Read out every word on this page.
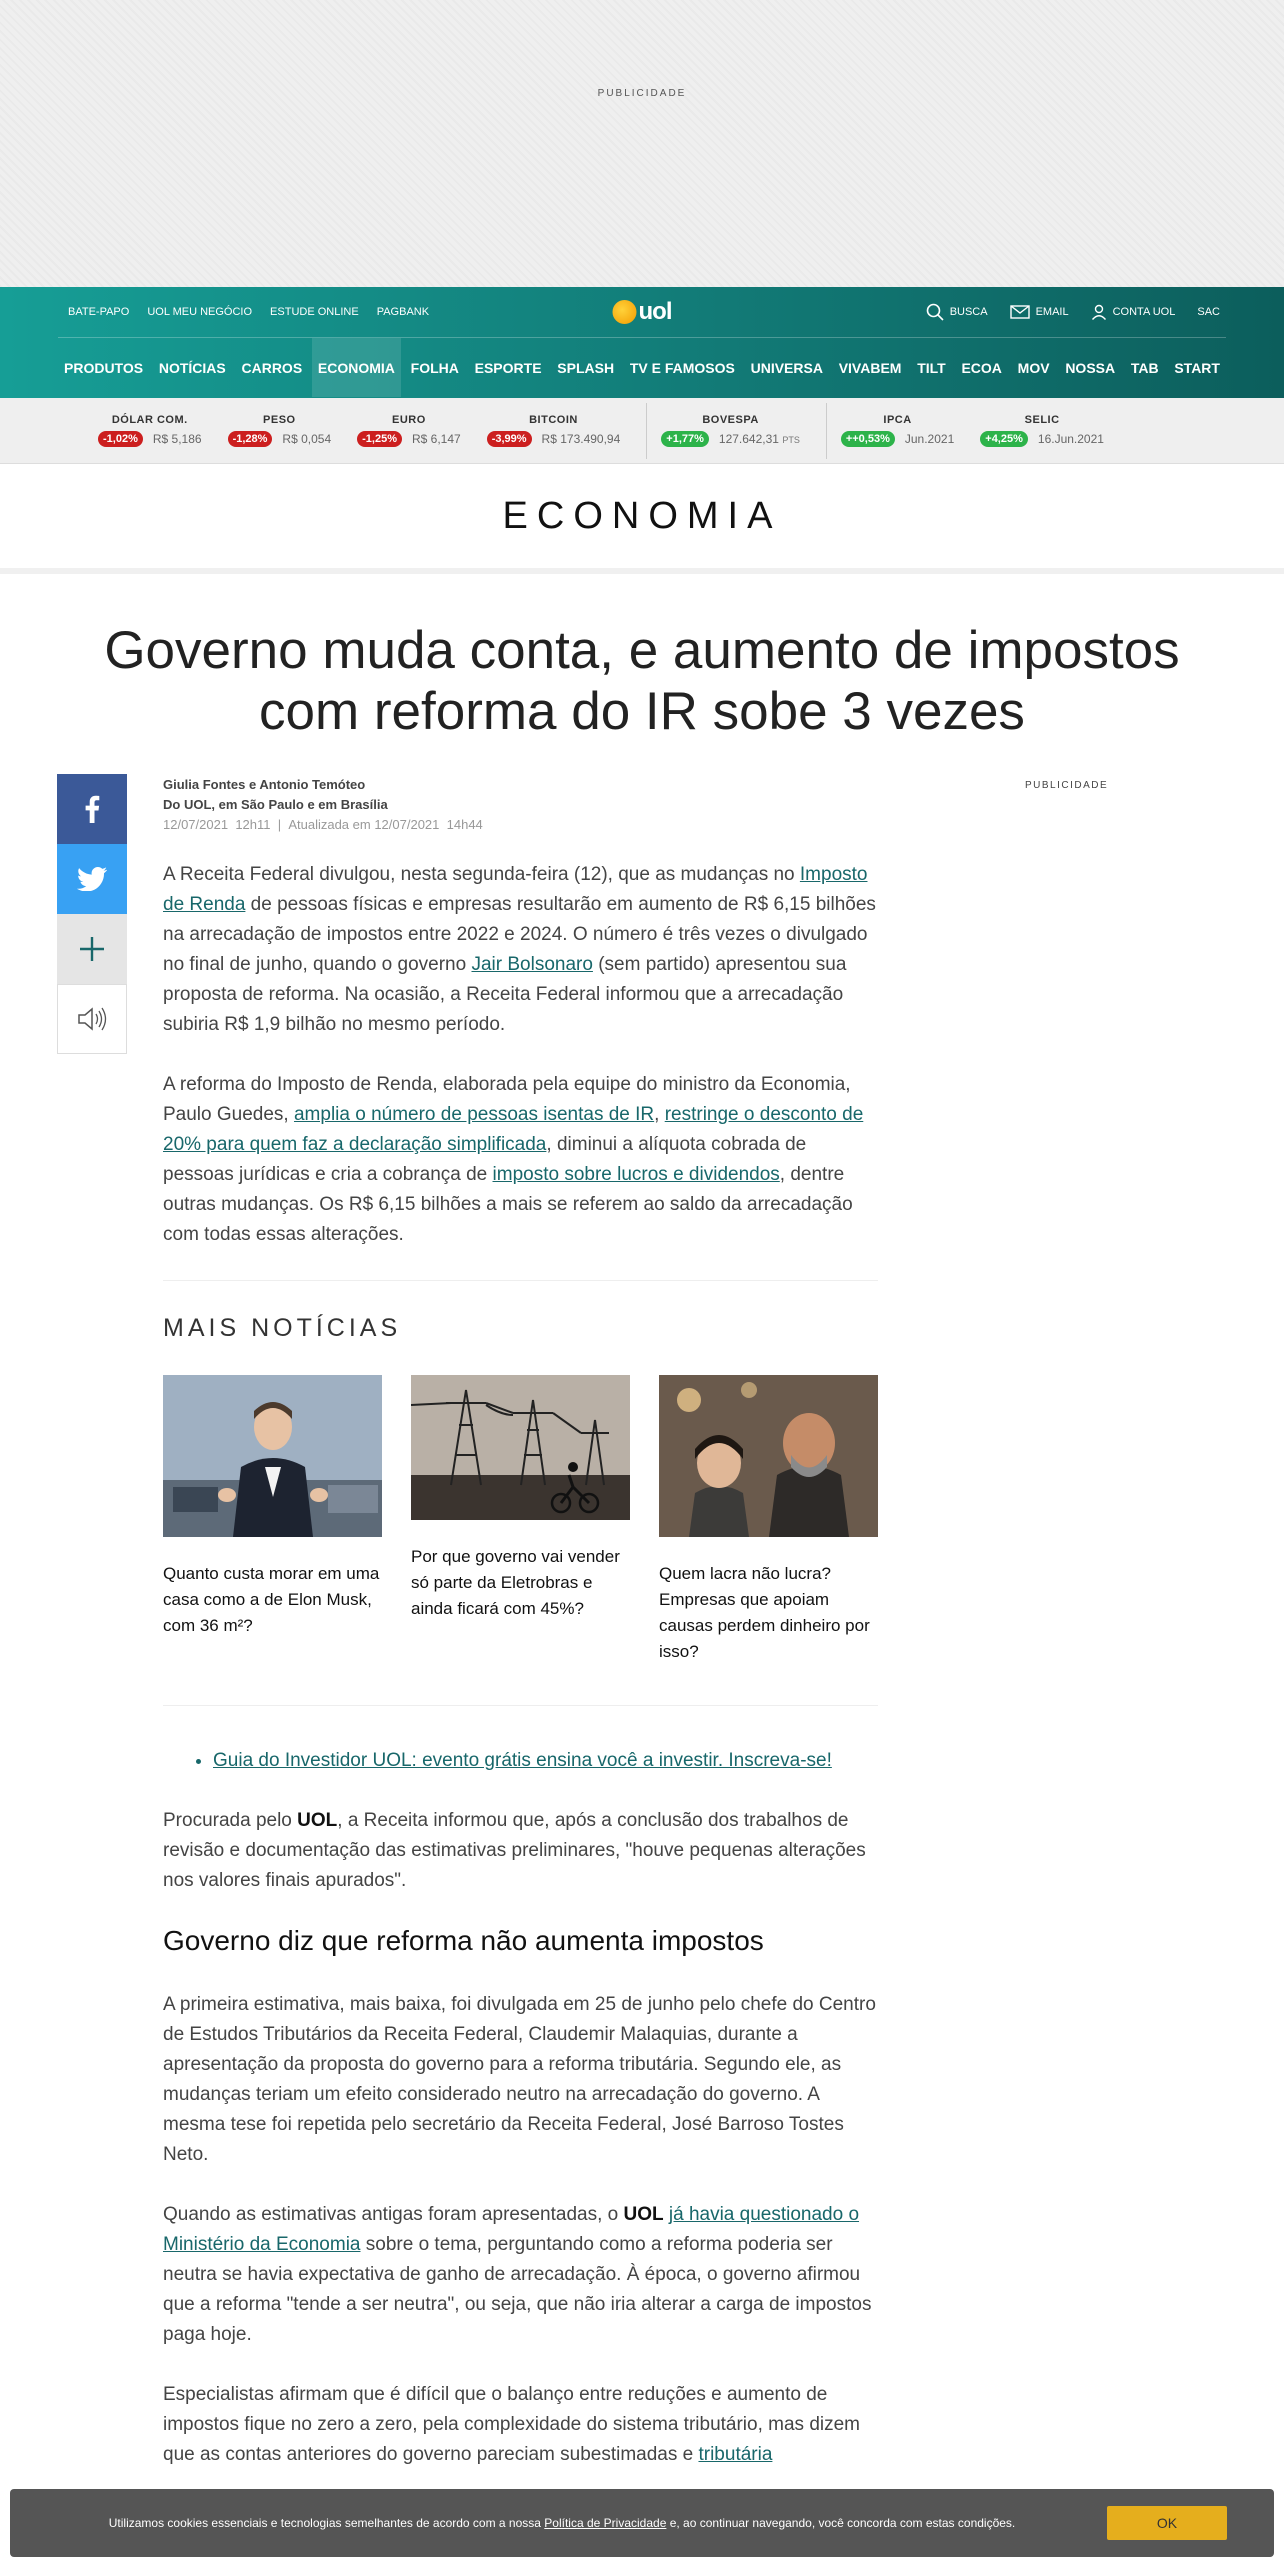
PUBLICIDADE
BATE-PAPO UOL MEU NEGÓCIO ESTUDE ONLINE PAGBANK	uol	BUSCA	EMAIL	CONTA UOL SAC
PRODUTOS	NOTÍCIAS	CARROS	ECONOMIA	FOLHA	ESPORTE	SPLASH	TV E FAMOSOS	UNIVERSA	VIVABEM	TILT	ECOA	MOV	NOSSA	TAB	START
DÓLAR COM.
-1,02%	R$ 5,186
PESO
-1,28%	R$ 0,054
EURO
-1,25%	R$ 6,147
BITCOIN
-3,99%	R$ 173.490,94
BOVESPA
+1,77%	127.642,31 PTS
IPCA
++0,53%	Jun.2021
SELIC
+4,25%	16.Jun.2021
ECONOMIA
Governo muda conta, e aumento de impostos com reforma do IR sobe 3 vezes
Giulia Fontes e Antonio Temóteo
Do UOL, em São Paulo e em Brasília
12/07/2021 12h11  |  Atualizada em 12/07/2021 14h44
PUBLICIDADE

A Receita Federal divulgou, nesta segunda-feira (12), que as mudanças no Imposto de Renda de pessoas físicas e empresas resultarão em aumento de R$ 6,15 bilhões na arrecadação de impostos entre 2022 e 2024. O número é três vezes o divulgado no final de junho, quando o governo Jair Bolsonaro (sem partido) apresentou sua proposta de reforma. Na ocasião, a Receita Federal informou que a arrecadação subiria R$ 1,9 bilhão no mesmo período.

A reforma do Imposto de Renda, elaborada pela equipe do ministro da Economia, Paulo Guedes, amplia o número de pessoas isentas de IR, restringe o desconto de 20% para quem faz a declaração simplificada, diminui a alíquota cobrada de pessoas jurídicas e cria a cobrança de imposto sobre lucros e dividendos, dentre outras mudanças. Os R$ 6,15 bilhões a mais se referem ao saldo da arrecadação com todas essas alterações.

MAIS NOTÍCIAS
Quanto custa morar em uma casa como a de Elon Musk, com 36 m²?
Por que governo vai vender só parte da Eletrobras e ainda ficará com 45%?
Quem lacra não lucra? Empresas que apoiam causas perdem dinheiro por isso?
• Guia do Investidor UOL: evento grátis ensina você a investir. Inscreva-se!

Procurada pelo UOL, a Receita informou que, após a conclusão dos trabalhos de revisão e documentação das estimativas preliminares, "houve pequenas alterações nos valores finais apurados".

Governo diz que reforma não aumenta impostos

A primeira estimativa, mais baixa, foi divulgada em 25 de junho pelo chefe do Centro de Estudos Tributários da Receita Federal, Claudemir Malaquias, durante a apresentação da proposta do governo para a reforma tributária. Segundo ele, as mudanças teriam um efeito considerado neutro na arrecadação do governo. A mesma tese foi repetida pelo secretário da Receita Federal, José Barroso Tostes Neto.

Quando as estimativas antigas foram apresentadas, o UOL já havia questionado o Ministério da Economia sobre o tema, perguntando como a reforma poderia ser neutra se havia expectativa de ganho de arrecadação. À época, o governo afirmou que a reforma "tende a ser neutra", ou seja, que não iria alterar a carga de impostos paga hoje.

Especialistas afirmam que é difícil que o balanço entre reduções e aumento de impostos fique no zero a zero, pela complexidade do sistema tributário, mas dizem que as contas anteriores do governo pareciam subestimadas e tributária

Utilizamos cookies essenciais e tecnologias semelhantes de acordo com a nossa Política de Privacidade e, ao continuar navegando, você concorda com estas condições.	OK
